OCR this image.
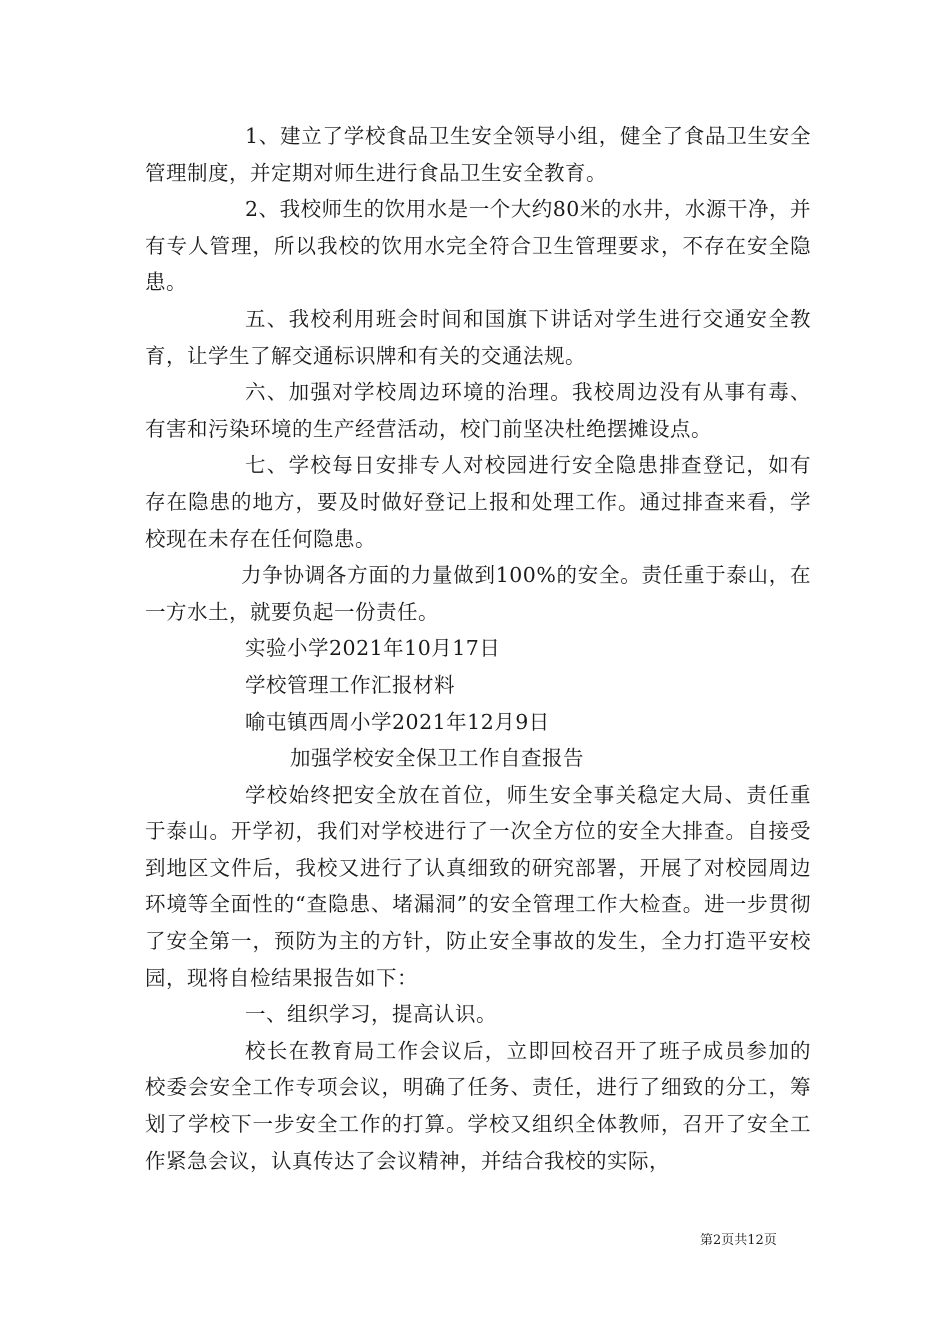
1、建立了学校食品卫生安全领导小组，健全了食品卫生安全管理制度，并定期对师生进行食品卫生安全教育。

2、我校师生的饮用水是一个大约80米的水井，水源干净，并有专人管理，所以我校的饮用水完全符合卫生管理要求，不存在安全隐患。

五、我校利用班会时间和国旗下讲话对学生进行交通安全教育，让学生了解交通标识牌和有关的交通法规。

六、加强对学校周边环境的治理。我校周边没有从事有毒、有害和污染环境的生产经营活动，校门前坚决杜绝摆摊设点。

七、学校每日安排专人对校园进行安全隐患排查登记，如有存在隐患的地方，要及时做好登记上报和处理工作。通过排查来看，学校现在未存在任何隐患。

力争协调各方面的力量做到100%的安全。责任重于泰山，在一方水土，就要负起一份责任。

实验小学2021年10月17日

学校管理工作汇报材料

喻屯镇西周小学2021年12月9日

加强学校安全保卫工作自查报告

学校始终把安全放在首位，师生安全事关稳定大局、责任重于泰山。开学初，我们对学校进行了一次全方位的安全大排查。自接受到地区文件后，我校又进行了认真细致的研究部署，开展了对校园周边环境等全面性的“查隐患、堵漏洞”的安全管理工作大检查。进一步贯彻了安全第一，预防为主的方针，防止安全事故的发生，全力打造平安校园，现将自检结果报告如下：

一、组织学习，提高认识。

校长在教育局工作会议后，立即回校召开了班子成员参加的校委会安全工作专项会议，明确了任务、责任，进行了细致的分工，筹划了学校下一步安全工作的打算。学校又组织全体教师，召开了安全工作紧急会议，认真传达了会议精神，并结合我校的实际，

第2页共12页
